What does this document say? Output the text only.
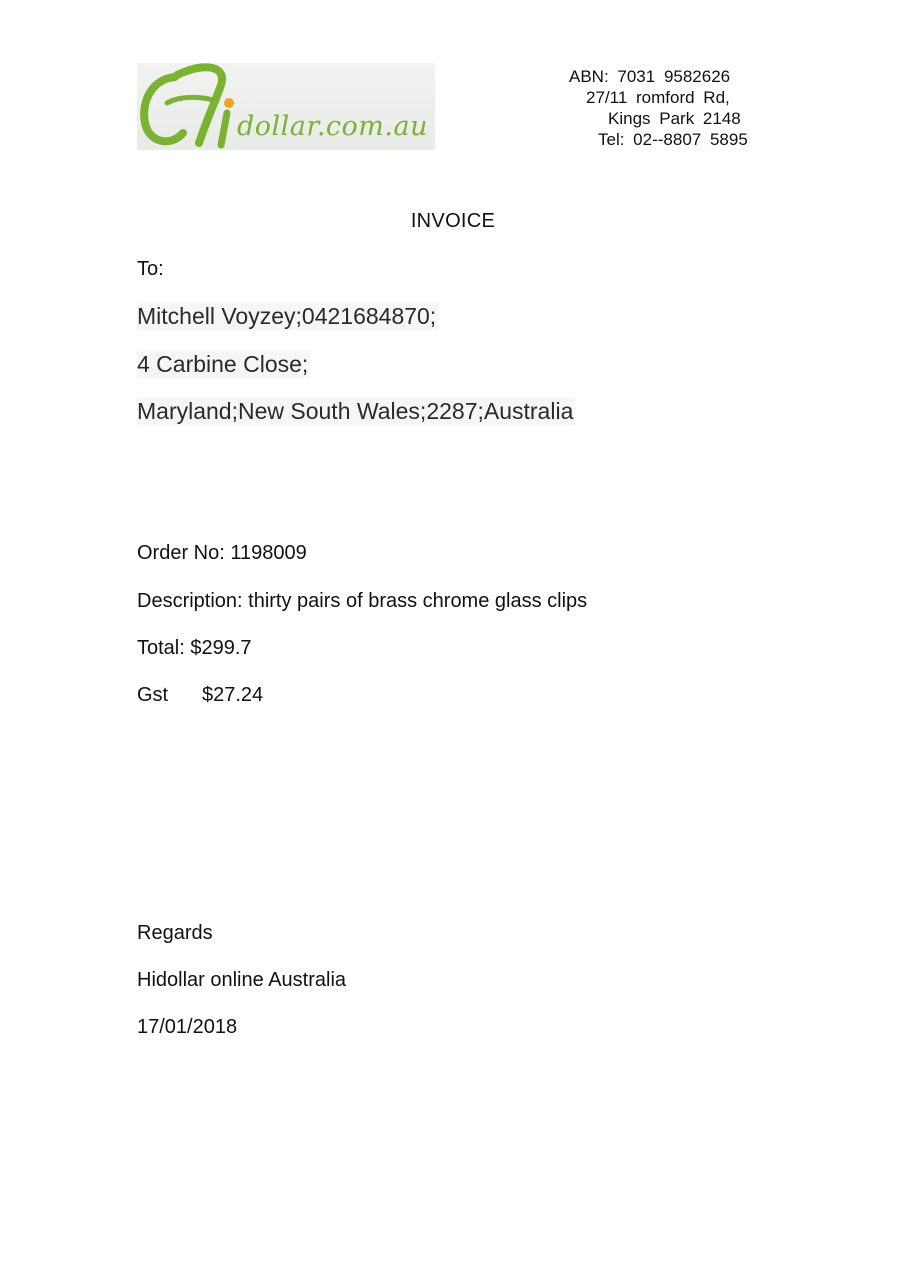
dollar.com.au
ABN: 7031 9582626
27/11 romford Rd,
Kings Park 2148
Tel: 02--8807 5895
INVOICE
To:
Mitchell Voyzey;0421684870;
4 Carbine Close;
Maryland;New South Wales;2287;Australia
Order No: 1198009
Description: thirty pairs of brass chrome glass clips
Total: $299.7
Gst $27.24
Regards
Hidollar online Australia
17/01/2018
